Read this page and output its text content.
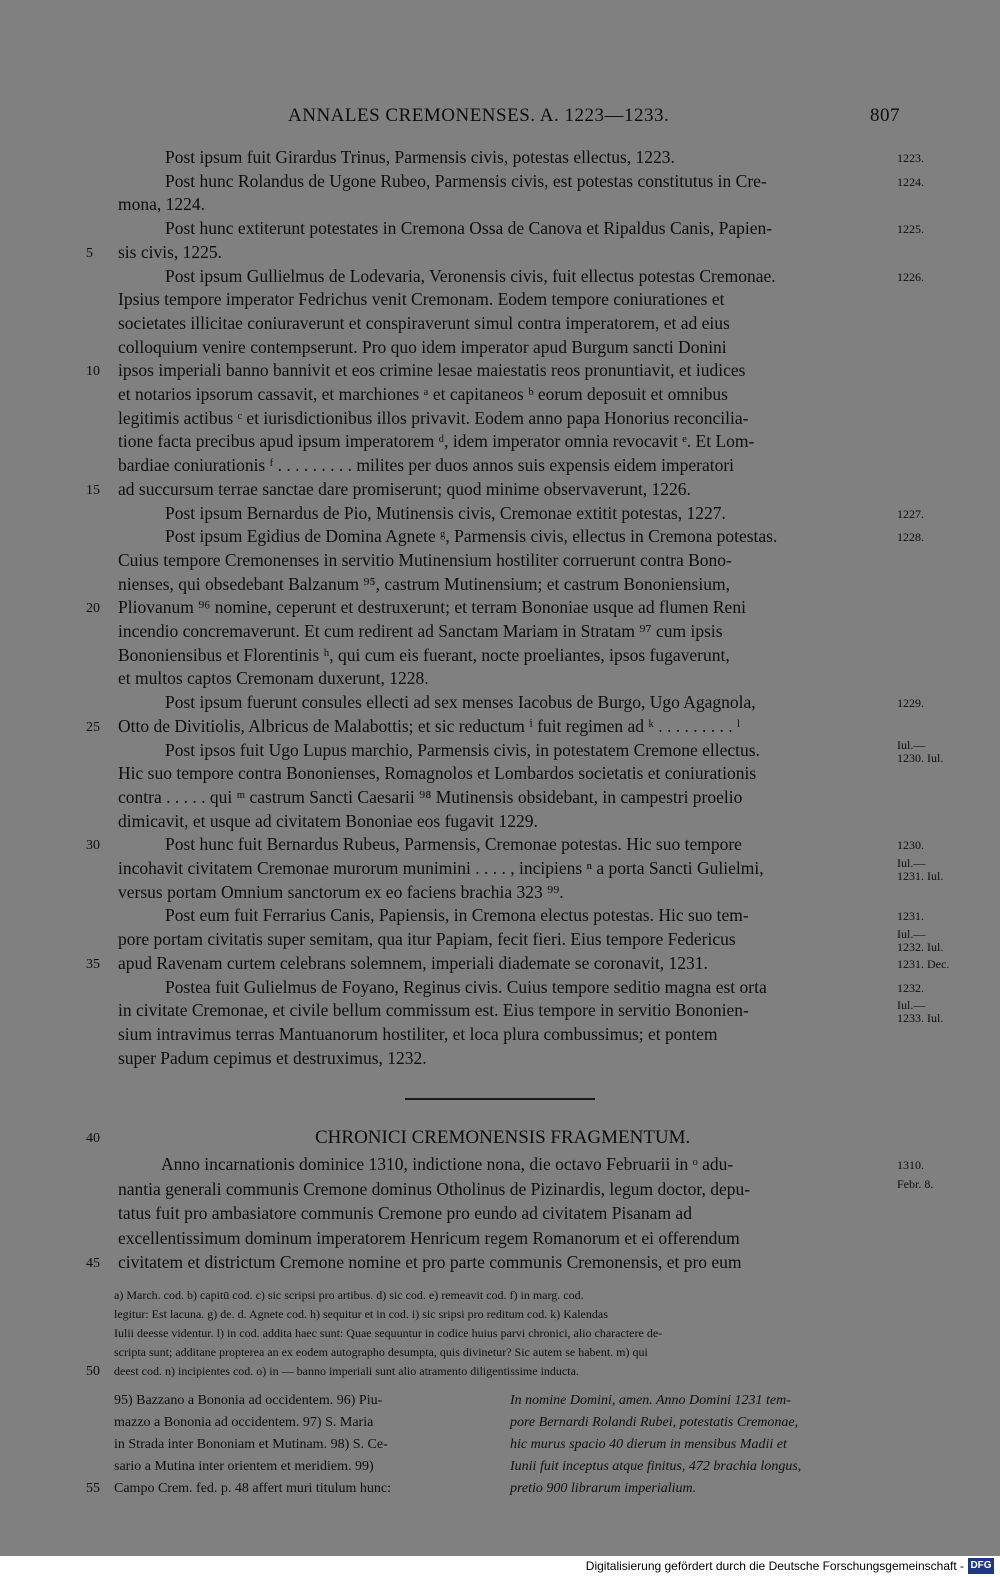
ANNALES CREMONENSES. A. 1223—1233.	807
Post ipsum fuit Girardus Trinus, Parmensis civis, potestas ellectus, 1223.
Post hunc Rolandus de Ugone Rubeo, Parmensis civis, est potestas constitutus in Cre-
mona, 1224.
Post hunc extiterunt potestates in Cremona Ossa de Canova et Ripaldus Canis, Papien-
sis civis, 1225.
Post ipsum Gullielmus de Lodevaria, Veronensis civis, fuit ellectus potestas Cremonae.
Ipsius tempore imperator Fedrichus venit Cremonam. Eodem tempore coniurationes et
societates illicitae coniuraverunt et conspiraverunt simul contra imperatorem, et ad eius
colloquium venire contempserunt. Pro quo idem imperator apud Burgum sancti Donini
ipsos imperiali banno bannivit et eos crimine lesae maiestatis reos pronuntiavit, et iudices
et notarios ipsorum cassavit, et marchiones ᵃ et capitaneos ᵇ eorum deposuit et omnibus
legitimis actibus ᶜ et iurisdictionibus illos privavit. Eodem anno papa Honorius reconcilia-
tione facta precibus apud ipsum imperatorem ᵈ, idem imperator omnia revocavit ᵉ. Et Lom-
bardiae coniurationis ᶠ . . . . . . . . . milites per duos annos suis expensis eidem imperatori
ad succursum terrae sanctae dare promiserunt; quod minime observaverunt, 1226.
Post ipsum Bernardus de Pio, Mutinensis civis, Cremonae extitit potestas, 1227.
Post ipsum Egidius de Domina Agnete ᵍ, Parmensis civis, ellectus in Cremona potestas.
Cuius tempore Cremonenses in servitio Mutinensium hostiliter corruerunt contra Bono-
nienses, qui obsedebant Balzanum ⁹⁵, castrum Mutinensium; et castrum Bononiensium,
Pliovanum ⁹⁶ nomine, ceperunt et destruxerunt; et terram Bononiae usque ad flumen Reni
incendio concremaverunt. Et cum redirent ad Sanctam Mariam in Stratam ⁹⁷ cum ipsis
Bononiensibus et Florentinis ʰ, qui cum eis fuerant, nocte proeliantes, ipsos fugaverunt,
et multos captos Cremonam duxerunt, 1228.
Post ipsum fuerunt consules ellecti ad sex menses Iacobus de Burgo, Ugo Agagnola,
Otto de Divitiolis, Albricus de Malabottis; et sic reductum ⁱ fuit regimen ad ᵏ . . . . . . . . . ˡ
Post ipsos fuit Ugo Lupus marchio, Parmensis civis, in potestatem Cremone ellectus.
Hic suo tempore contra Bononienses, Romagnolos et Lombardos societatis et coniurationis
contra . . . . . qui ᵐ castrum Sancti Caesarii ⁹⁸ Mutinensis obsidebant, in campestri proelio
dimicavit, et usque ad civitatem Bononiae eos fugavit 1229.
Post hunc fuit Bernardus Rubeus, Parmensis, Cremonae potestas. Hic suo tempore
incohavit civitatem Cremonae murorum muniminі . . . . , incipiens ⁿ a porta Sancti Gulielmi,
versus portam Omnium sanctorum ex eo faciens brachia 323 ⁹⁹.
Post eum fuit Ferrarius Canis, Papiensis, in Cremona electus potestas. Hic suo tem-
pore portam civitatis super semitam, qua itur Papiam, fecit fieri. Eius tempore Federicus
apud Ravenam curtem celebrans solemnem, imperiali diademate se coronavit, 1231.
Postea fuit Gulielmus de Foyano, Reginus civis. Cuius tempore seditio magna est orta
in civitate Cremonae, et civile bellum commissum est. Eius tempore in servitio Bononien-
sium intravimus terras Mantuanorum hostiliter, et loca plura combussimus; et pontem
super Padum cepimus et destruximus, 1232.
5
10
15
20
25
30
35
1223.
1224.
1225.
1226.
1227.
1228.
1229.
Iul.—
1230. Iul.
1230.
Iul.—
1231. Iul.
1231.
Iul.—
1232. Iul.
1231. Dec.
1232.
Iul.—
1233. Iul.
40	CHRONICI CREMONENSIS FRAGMENTUM.
Anno incarnationis dominice 1310, indictione nona, die octavo Februarii in ᵒ adu-
nantia generali communis Cremone dominus Otholinus de Pizinardis, legum doctor, depu-
tatus fuit pro ambasiatore communis Cremone pro eundo ad civitatem Pisanam ad
excellentissimum dominum imperatorem Henricum regem Romanorum et ei offerendum
civitatem et districtum Cremone nomine et pro parte communis Cremonensis, et pro eum
45
1310.
Febr. 8.
a) March. cod. b) capitū cod. c) sic scripsi pro artibus. d) sic cod. e) remeavit cod. f) in marg. cod.
legitur: Est lacuna. g) de. d. Agnete cod. h) sequitur et in cod. i) sic sripsi pro reditum cod. k) Kalendas
Iulii deesse videntur. l) in cod. addita haec sunt: Quae sequuntur in codice huius parvi chronici, alio charactere de-
scripta sunt; additane propterea an ex eodem autographo desumpta, quis divinetur? Sic autem se habent. m) qui
deest cod. n) incipientes cod. o) in — banno imperiali sunt alio atramento diligentissime inducta.
50
95) Bazzano a Bononia ad occidentem. 96) Piu-
mazzo a Bononia ad occidentem. 97) S. Maria
in Strada inter Bononiam et Mutinam. 98) S. Ce-
sario a Mutina inter orientem et meridiem. 99)
Campo Crem. fed. p. 48 affert muri titulum hunc:
In nomine Domini, amen. Anno Domini 1231 tem-
pore Bernardi Rolandi Rubei, potestatis Cremonae,
hic murus spacio 40 dierum in mensibus Madii et
Iunii fuit inceptus atque finitus, 472 brachia longus,
pretio 900 librarum imperialium.
55
Digitalisierung gefördert durch die Deutsche Forschungsgemeinschaft - DFG
